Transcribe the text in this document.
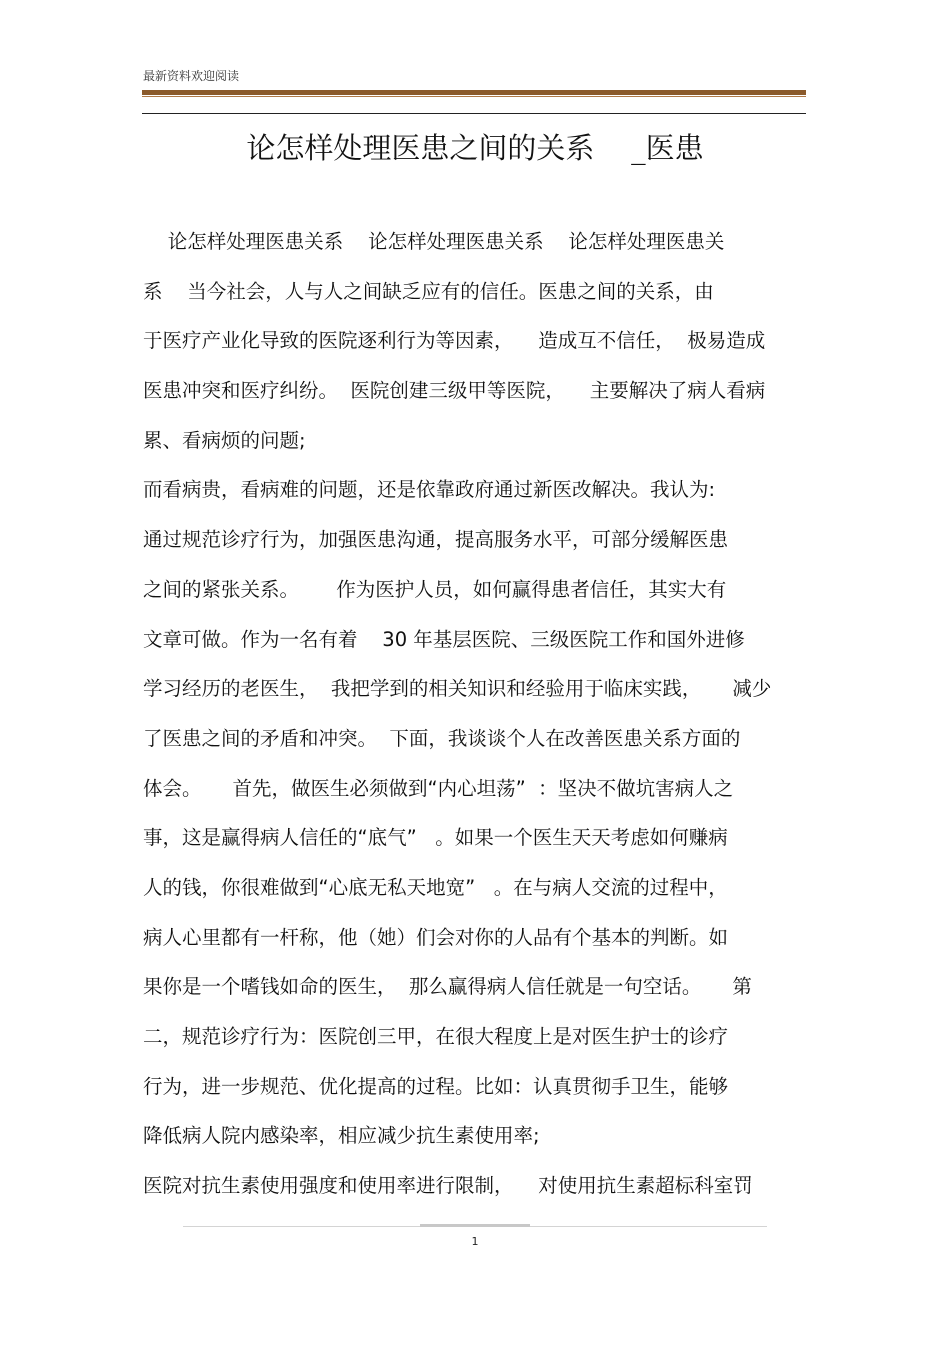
最新资料欢迎阅读
论怎样处理医患之间的关系    _医患
论怎样处理医患关系    论怎样处理医患关系    论怎样处理医患关
系    当今社会，人与人之间缺乏应有的信任。医患之间的关系，由
于医疗产业化导致的医院逐利行为等因素，    造成互不信任，  极易造成
医患冲突和医疗纠纷。  医院创建三级甲等医院，    主要解决了病人看病
累、看病烦的问题;
而看病贵，看病难的问题，还是依靠政府通过新医改解决。我认为:
通过规范诊疗行为，加强医患沟通，提高服务水平，可部分缓解医患
之间的紧张关系。      作为医护人员，如何赢得患者信任，其实大有
文章可做。作为一名有着    30 年基层医院、三级医院工作和国外进修
学习经历的老医生，  我把学到的相关知识和经验用于临床实践，     减少
了医患之间的矛盾和冲突。  下面，我谈谈个人在改善医患关系方面的
体会。     首先，做医生必须做到“内心坦荡”  ：坚决不做坑害病人之
事，这是赢得病人信任的“底气”   。如果一个医生天天考虑如何赚病
人的钱，你很难做到“心底无私天地宽”   。在与病人交流的过程中，
病人心里都有一杆称，他（她）们会对你的人品有个基本的判断。如
果你是一个嗜钱如命的医生，  那么赢得病人信任就是一句空话。     第
二，规范诊疗行为：医院创三甲，在很大程度上是对医生护士的诊疗
行为，进一步规范、优化提高的过程。比如：认真贯彻手卫生，能够
降低病人院内感染率，相应减少抗生素使用率;
医院对抗生素使用强度和使用率进行限制，    对使用抗生素超标科室罚
1
